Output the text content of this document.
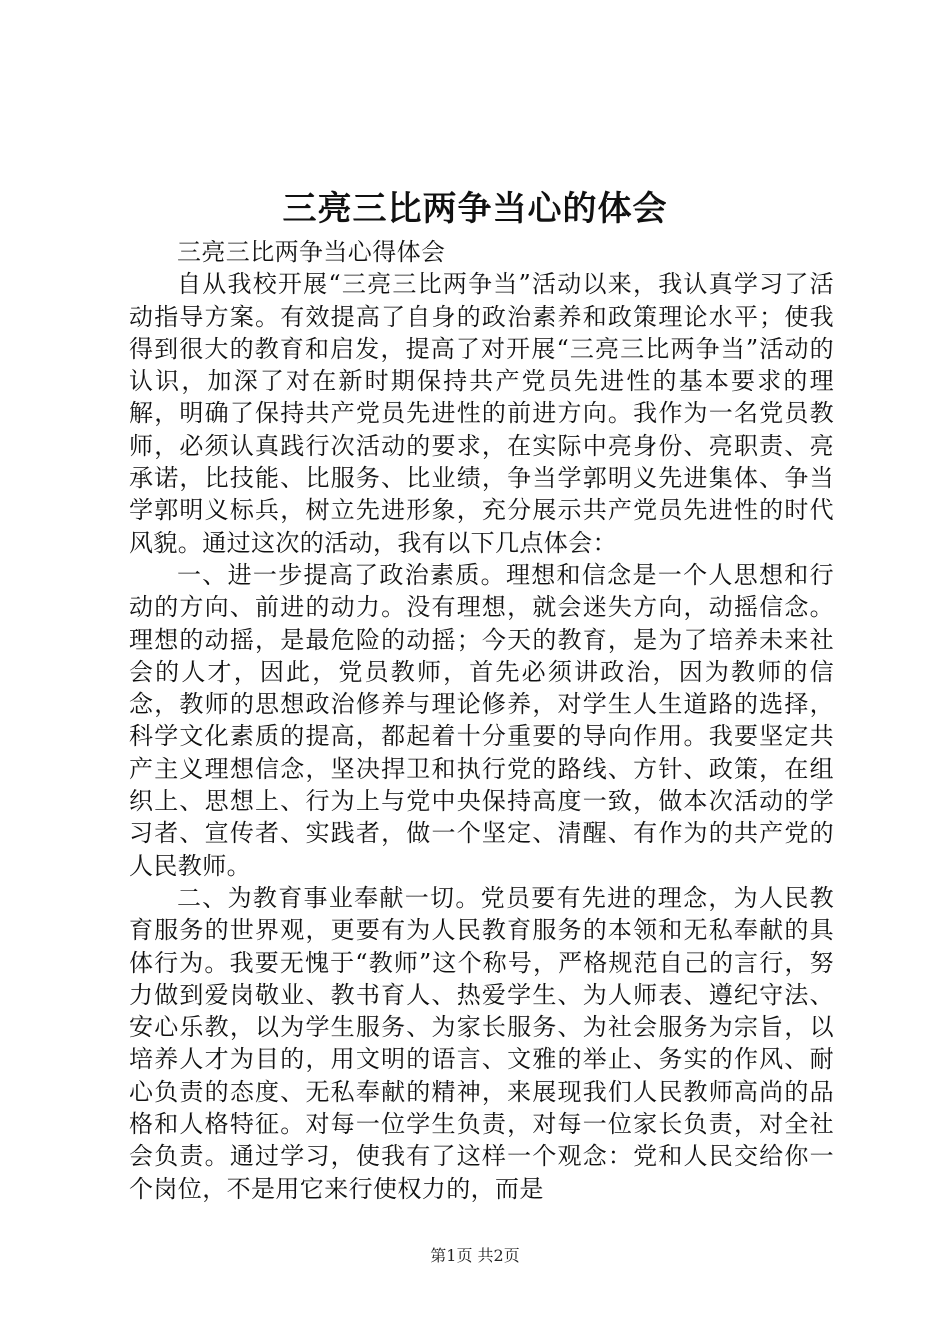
三亮三比两争当心的体会

三亮三比两争当心得体会

自从我校开展“三亮三比两争当”活动以来，我认真学习了活动指导方案。有效提高了自身的政治素养和政策理论水平；使我得到很大的教育和启发，提高了对开展“三亮三比两争当”活动的认识，加深了对在新时期保持共产党员先进性的基本要求的理解，明确了保持共产党员先进性的前进方向。我作为一名党员教师，必须认真践行次活动的要求，在实际中亮身份、亮职责、亮承诺，比技能、比服务、比业绩，争当学郭明义先进集体、争当学郭明义标兵，树立先进形象，充分展示共产党员先进性的时代风貌。通过这次的活动，我有以下几点体会：

一、进一步提高了政治素质。理想和信念是一个人思想和行动的方向、前进的动力。没有理想，就会迷失方向，动摇信念。理想的动摇，是最危险的动摇；今天的教育，是为了培养未来社会的人才，因此，党员教师，首先必须讲政治，因为教师的信念，教师的思想政治修养与理论修养，对学生人生道路的选择，科学文化素质的提高，都起着十分重要的导向作用。我要坚定共产主义理想信念，坚决捍卫和执行党的路线、方针、政策，在组织上、思想上、行为上与党中央保持高度一致，做本次活动的学习者、宣传者、实践者，做一个坚定、清醒、有作为的共产党的人民教师。

二、为教育事业奉献一切。党员要有先进的理念，为人民教育服务的世界观，更要有为人民教育服务的本领和无私奉献的具体行为。我要无愧于“教师”这个称号，严格规范自己的言行，努力做到爱岗敬业、教书育人、热爱学生、为人师表、遵纪守法、安心乐教，以为学生服务、为家长服务、为社会服务为宗旨，以培养人才为目的，用文明的语言、文雅的举止、务实的作风、耐心负责的态度、无私奉献的精神，来展现我们人民教师高尚的品格和人格特征。对每一位学生负责，对每一位家长负责，对全社会负责。通过学习，使我有了这样一个观念：党和人民交给你一个岗位，不是用它来行使权力的，而是

第1页 共2页
